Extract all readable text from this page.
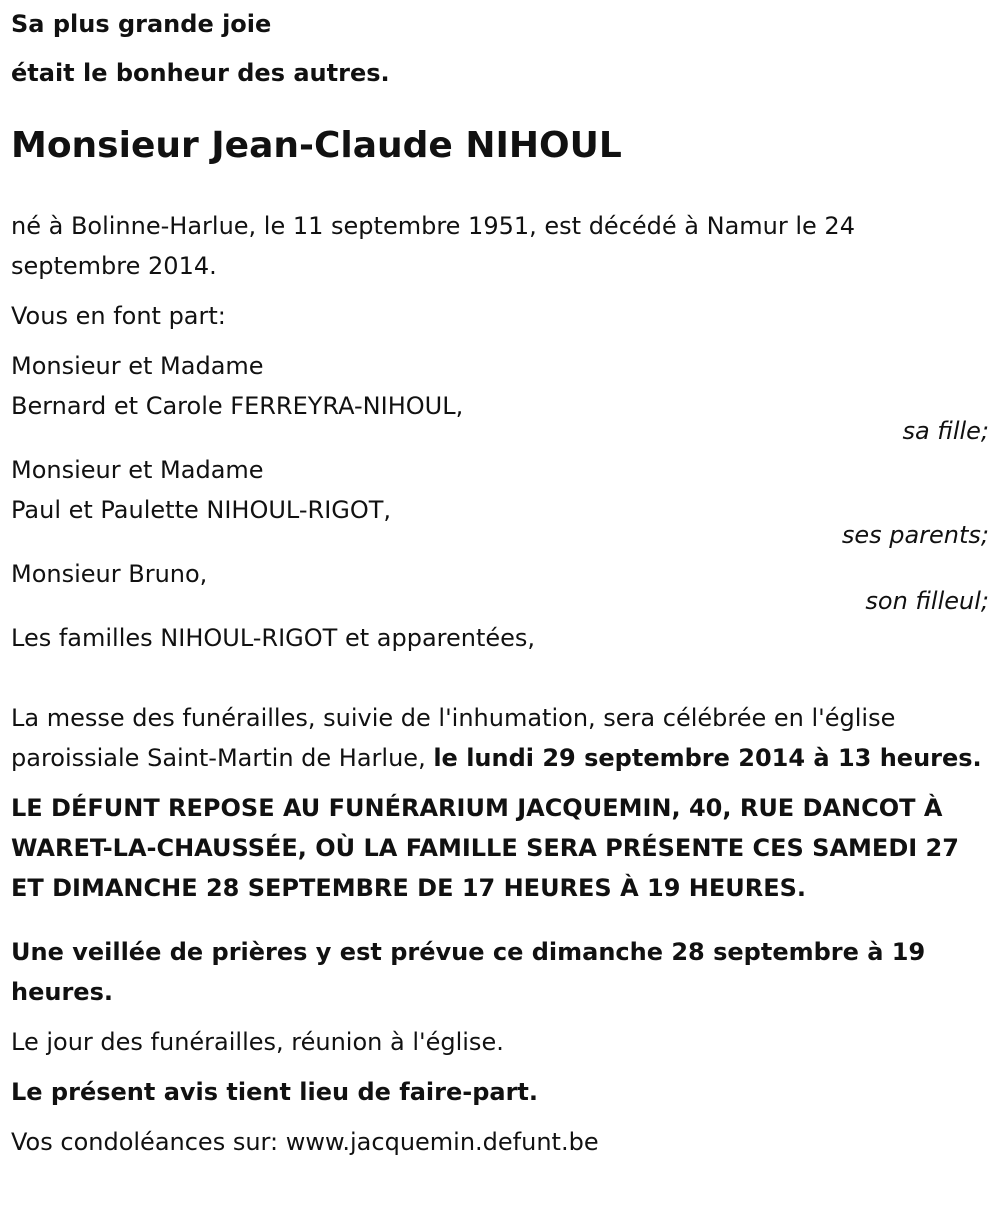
Sa plus grande joie
était le bonheur des autres.
Monsieur Jean-Claude NIHOUL

né à Bolinne-Harlue, le 11 septembre 1951, est décédé à Namur le 24 septembre 2014.

Vous en font part:

Monsieur et Madame
Bernard et Carole FERREYRA-NIHOUL,
sa fille;
Monsieur et Madame
Paul et Paulette NIHOUL-RIGOT,
ses parents;
Monsieur Bruno,
son filleul;

Les familles NIHOUL-RIGOT et apparentées,

La messe des funérailles, suivie de l'inhumation, sera célébrée en l'église paroissiale Saint-Martin de Harlue, le lundi 29 septembre 2014 à 13 heures.

LE DÉFUNT REPOSE AU FUNÉRARIUM JACQUEMIN, 40, RUE DANCOT À WARET-LA-CHAUSSÉE, OÙ LA FAMILLE SERA PRÉSENTE CES SAMEDI 27 ET DIMANCHE 28 SEPTEMBRE DE 17 HEURES À 19 HEURES.

Une veillée de prières y est prévue ce dimanche 28 septembre à 19 heures.

Le jour des funérailles, réunion à l'église.

Le présent avis tient lieu de faire-part.

Vos condoléances sur: www.jacquemin.defunt.be
